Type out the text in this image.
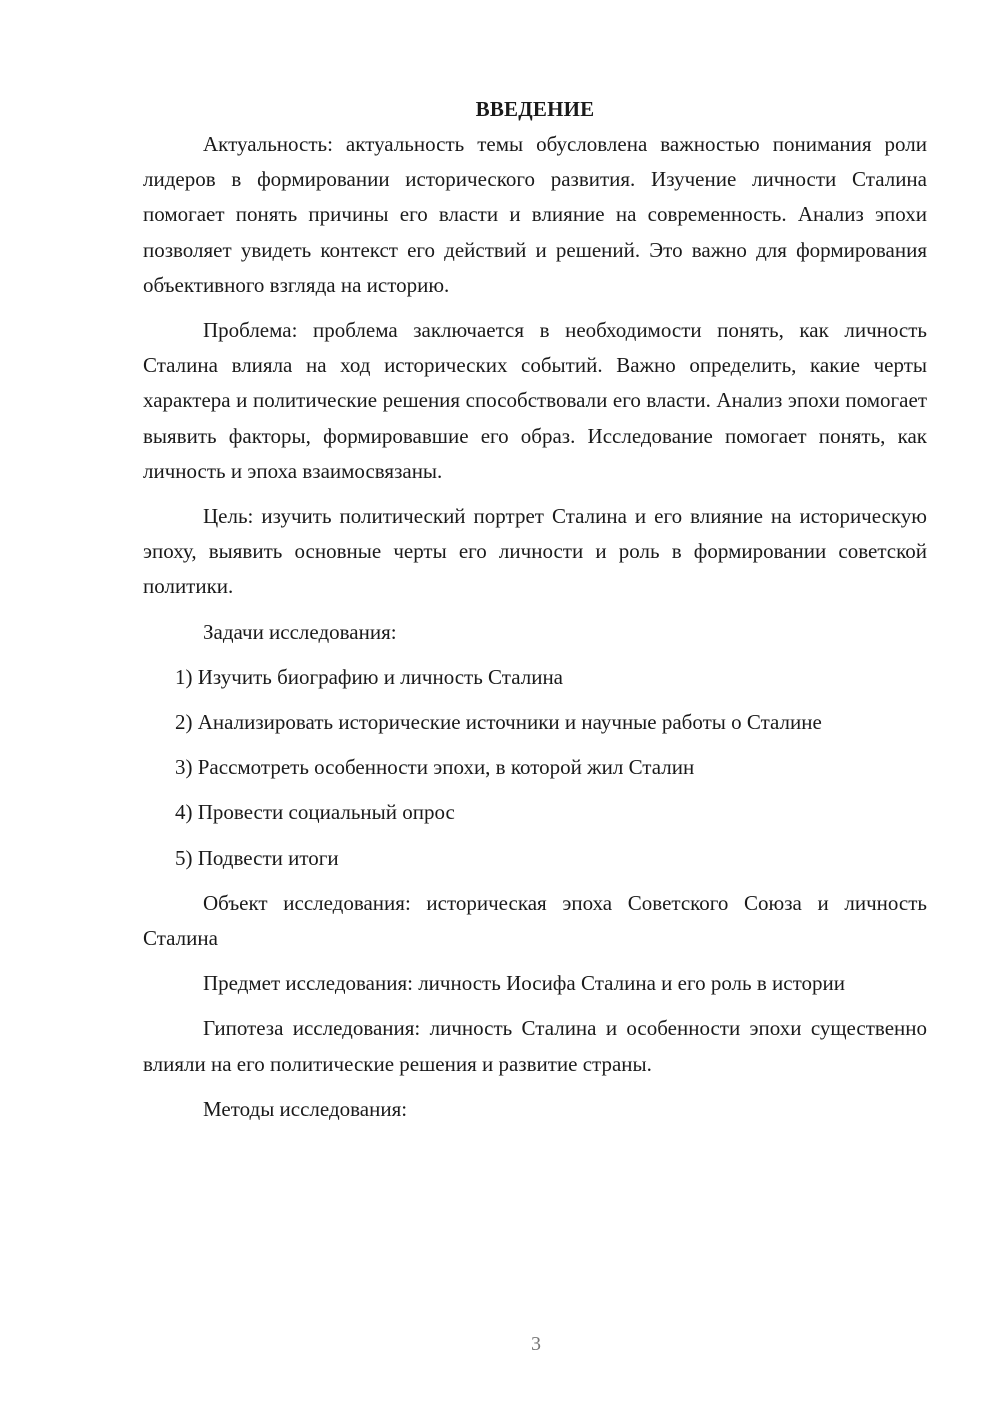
ВВЕДЕНИЕ

Актуальность: актуальность темы обусловлена важностью понимания роли лидеров в формировании исторического развития. Изучение личности Сталина помогает понять причины его власти и влияние на современность. Анализ эпохи позволяет увидеть контекст его действий и решений. Это важно для формирования объективного взгляда на историю.

Проблема: проблема заключается в необходимости понять, как личность Сталина влияла на ход исторических событий. Важно определить, какие черты характера и политические решения способствовали его власти. Анализ эпохи помогает выявить факторы, формировавшие его образ. Исследование помогает понять, как личность и эпоха взаимосвязаны.

Цель: изучить политический портрет Сталина и его влияние на историческую эпоху, выявить основные черты его личности и роль в формировании советской политики.

Задачи исследования:

1) Изучить биографию и личность Сталина

2) Анализировать исторические источники и научные работы о Сталине

3) Рассмотреть особенности эпохи, в которой жил Сталин

4) Провести социальный опрос

5) Подвести итоги

Объект исследования: историческая эпоха Советского Союза и личность Сталина

Предмет исследования: личность Иосифа Сталина и его роль в истории

Гипотеза исследования: личность Сталина и особенности эпохи существенно влияли на его политические решения и развитие страны.

Методы исследования:

3
